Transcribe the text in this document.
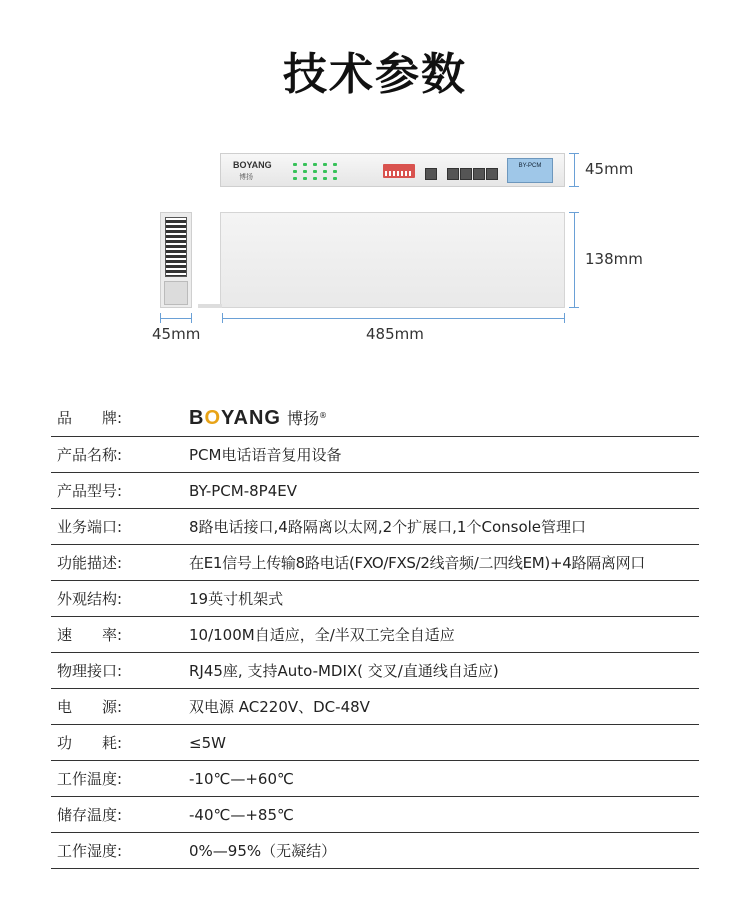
技术参数
BOYANG
博扬
BY-PCM	45mm
138mm
45mm	485mm
品　　牌:	BOYANG 博扬®
产品名称:	PCM电话语音复用设备
产品型号:	BY-PCM-8P4EV
业务端口:	8路电话接口,4路隔离以太网,2个扩展口,1个Console管理口
功能描述:	在E1信号上传输8路电话(FXO/FXS/2线音频/二四线EM)+4路隔离网口
外观结构:	19英寸机架式
速　　率:	10/100M自适应，全/半双工完全自适应
物理接口:	RJ45座, 支持Auto-MDIX( 交叉/直通线自适应)
电　　源:	双电源 AC220V、DC-48V
功　　耗:	≤5W
工作温度:	-10℃—+60℃
储存温度:	-40℃—+85℃
工作湿度:	0%—95%（无凝结）
